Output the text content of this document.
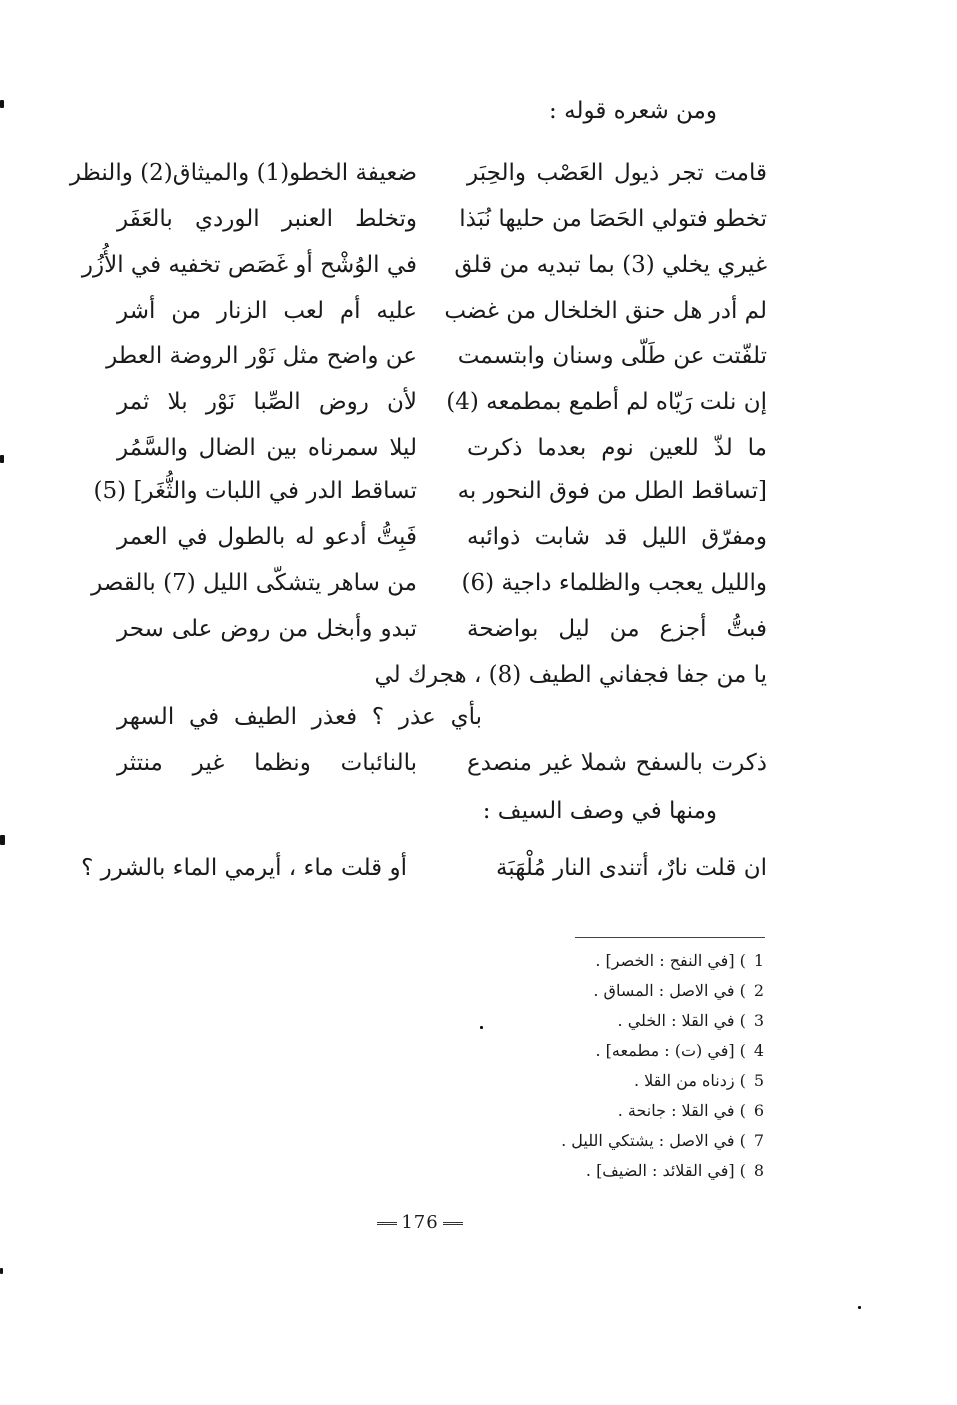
ومن شعره قوله :
قامت تجر ذيول العَصْب والحِبَر
ضعيفة الخطو(1) والميثاق(2) والنظر
تخطو فتولي الحَصَا من حليها نُبَذا
وتخلط العنبر الوردي بالعَفَر
غيري يخلي (3) بما تبديه من قلق
في الوُشْح أو غَصَص تخفيه في الأُزُر
لم أدر هل حنق الخلخال من غضب
عليه أم لعب الزنار من أشر
تلفّتت عن طَلّى وسنان وابتسمت
عن واضح مثل نَوْر الروضة العطر
إن نلت رَيّاه لم أطمع بمطمعه (4)
لأن روض الصِّبا نَوْر بلا ثمر
ما لذّ للعين نوم بعدما ذكرت
ليلا سمرناه بين الضال والسَّمُر
[تساقط الطل من فوق النحور به
تساقط الدر في اللبات والثُّغَر] (5)
ومفرّق الليل قد شابت ذوائبه
فَبِتُّ أدعو له بالطول في العمر
والليل يعجب والظلماء داجية (6)
من ساهر يتشكّى الليل (7) بالقصر
فبتُّ أجزع من ليل بواضحة
تبدو وأبخل من روض على سحر
يا من جفا فجفاني الطيف (8) ، هجرك لي
بأي عذر ؟ فعذر الطيف في السهر
ذكرت بالسفح شملا غير منصدع
بالنائبات ونظما غير منتثر
ومنها في وصف السيف :
ان قلت نارٌ، أتندى النار مُلْهَبَة
أو قلت ماء ، أيرمي الماء بالشرر ؟
1 ) [في النفح : الخصر] .
2 ) في الاصل : المساق .
3 ) في القلا : الخلي .
4 ) [في (ت) : مطمعه] .
5 ) زدناه من القلا .
6 ) في القلا : جانحة .
7 ) في الاصل : يشتكي الليل .
8 ) [في القلائد : الضيف] .
176
